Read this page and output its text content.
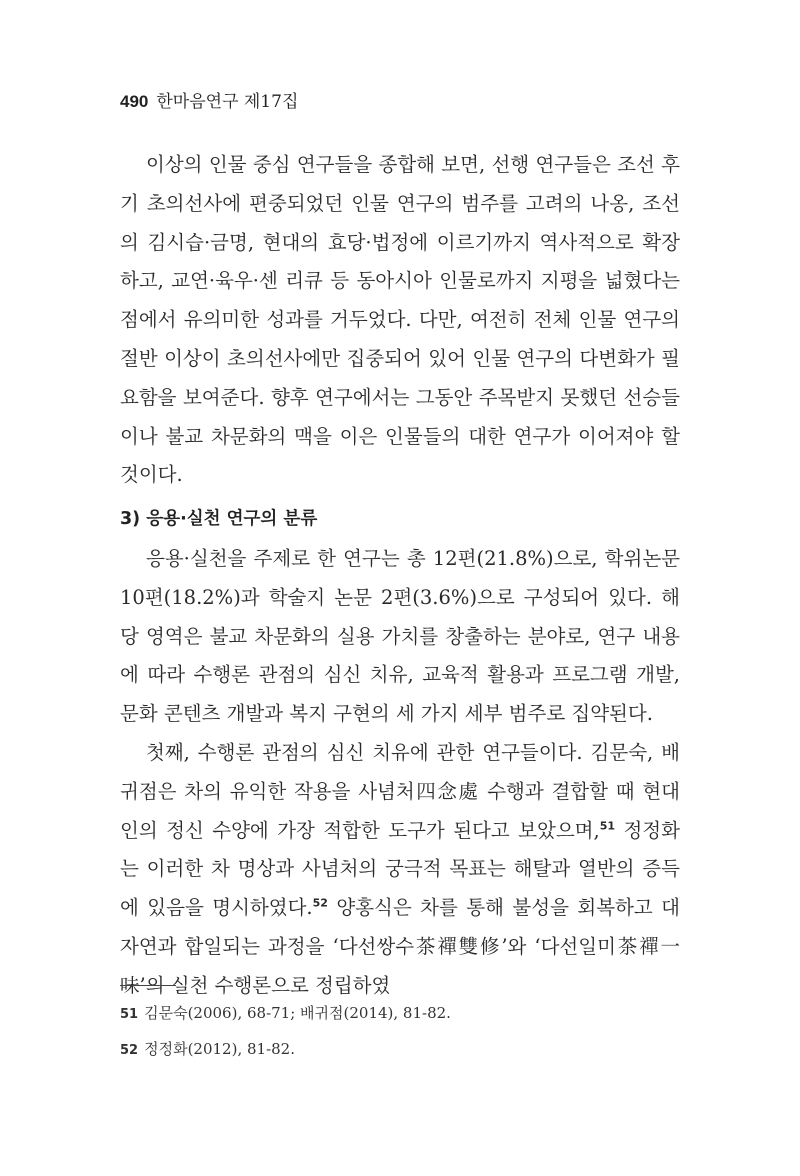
490 한마음연구 제17집

이상의 인물 중심 연구들을 종합해 보면, 선행 연구들은 조선 후기 초의선사에 편중되었던 인물 연구의 범주를 고려의 나옹, 조선의 김시습·금명, 현대의 효당·법정에 이르기까지 역사적으로 확장하고, 교연·육우·센 리큐 등 동아시아 인물로까지 지평을 넓혔다는 점에서 유의미한 성과를 거두었다. 다만, 여전히 전체 인물 연구의 절반 이상이 초의선사에만 집중되어 있어 인물 연구의 다변화가 필요함을 보여준다. 향후 연구에서는 그동안 주목받지 못했던 선승들이나 불교 차문화의 맥을 이은 인물들의 대한 연구가 이어져야 할 것이다.

3) 응용·실천 연구의 분류

응용·실천을 주제로 한 연구는 총 12편(21.8%)으로, 학위논문 10편(18.2%)과 학술지 논문 2편(3.6%)으로 구성되어 있다. 해당 영역은 불교 차문화의 실용 가치를 창출하는 분야로, 연구 내용에 따라 수행론 관점의 심신 치유, 교육적 활용과 프로그램 개발, 문화 콘텐츠 개발과 복지 구현의 세 가지 세부 범주로 집약된다.

첫째, 수행론 관점의 심신 치유에 관한 연구들이다. 김문숙, 배귀점은 차의 유익한 작용을 사념처四念處 수행과 결합할 때 현대인의 정신 수양에 가장 적합한 도구가 된다고 보았으며,$^{51}$ 정정화는 이러한 차 명상과 사념처의 궁극적 목표는 해탈과 열반의 증득에 있음을 명시하였다.$^{52}$ 양홍식은 차를 통해 불성을 회복하고 대자연과 합일되는 과정을 ‘다선쌍수茶禪雙修’와 ‘다선일미茶禪一味’의 실천 수행론으로 정립하였

51 김문숙(2006), 68-71; 배귀점(2014), 81-82.
52 정정화(2012), 81-82.
